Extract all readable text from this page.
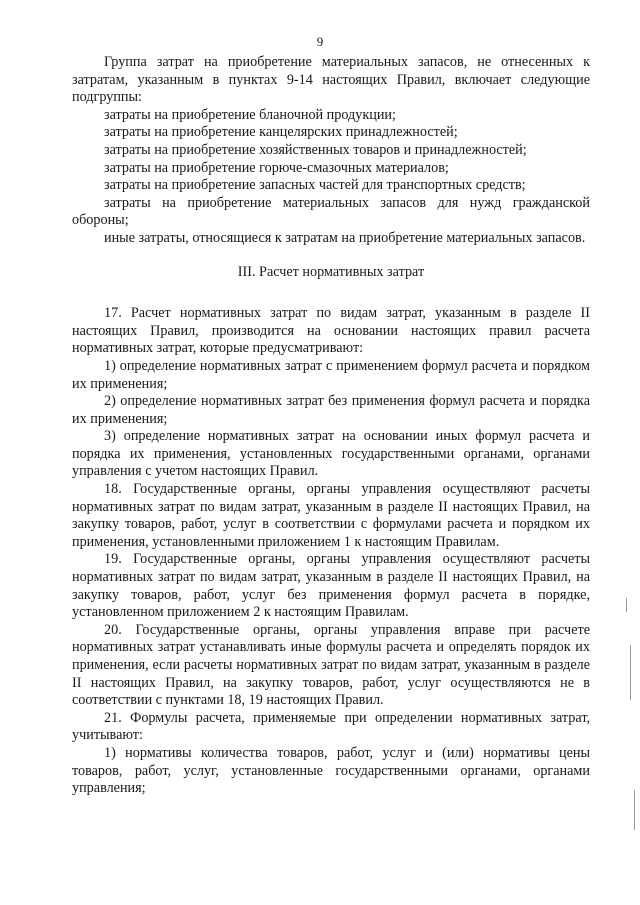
9

Группа затрат на приобретение материальных запасов, не отнесенных к затратам, указанным в пунктах 9-14 настоящих Правил, включает следующие подгруппы:

затраты на приобретение бланочной продукции;

затраты на приобретение канцелярских принадлежностей;

затраты на приобретение хозяйственных товаров и принадлежностей;

затраты на приобретение горюче-смазочных материалов;

затраты на приобретение запасных частей для транспортных средств;

затраты на приобретение материальных запасов для нужд гражданской обороны;

иные затраты, относящиеся к затратам на приобретение материальных запасов.

III. Расчет нормативных затрат

17. Расчет нормативных затрат по видам затрат, указанным в разделе II настоящих Правил, производится на основании настоящих правил расчета нормативных затрат, которые предусматривают:

1) определение нормативных затрат с применением формул расчета и порядком их применения;

2) определение нормативных затрат без применения формул расчета и порядка их применения;

3) определение нормативных затрат на основании иных формул расчета и порядка их применения, установленных государственными органами, органами управления с учетом настоящих Правил.

18. Государственные органы, органы управления осуществляют расчеты нормативных затрат по видам затрат, указанным в разделе II настоящих Правил, на закупку товаров, работ, услуг в соответствии с формулами расчета и порядком их применения, установленными приложением 1 к настоящим Правилам.

19. Государственные органы, органы управления осуществляют расчеты нормативных затрат по видам затрат, указанным в разделе II настоящих Правил, на закупку товаров, работ, услуг без применения формул расчета в порядке, установленном приложением 2 к настоящим Правилам.

20. Государственные органы, органы управления вправе при расчете нормативных затрат устанавливать иные формулы расчета и определять порядок их применения, если расчеты нормативных затрат по видам затрат, указанным в разделе II настоящих Правил, на закупку товаров, работ, услуг осуществляются не в соответствии с пунктами 18, 19 настоящих Правил.

21. Формулы расчета, применяемые при определении нормативных затрат, учитывают:

1) нормативы количества товаров, работ, услуг и (или) нормативы цены товаров, работ, услуг, установленные государственными органами, органами управления;
